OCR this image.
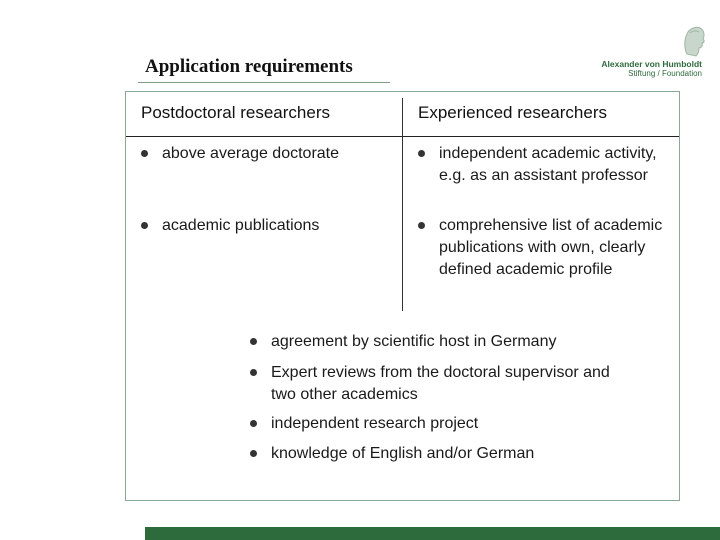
Application requirements	Alexander von Humboldt
Stiftung / Foundation
Postdoctoral researchers	Experienced researchers
above average doctorate
academic publications
independent academic activity, e.g. as an assistant professor
comprehensive list of academic publications with own, clearly defined academic profile
agreement by scientific host in Germany
Expert reviews from the doctoral supervisor and two other academics
independent research project
knowledge of English and/or German
